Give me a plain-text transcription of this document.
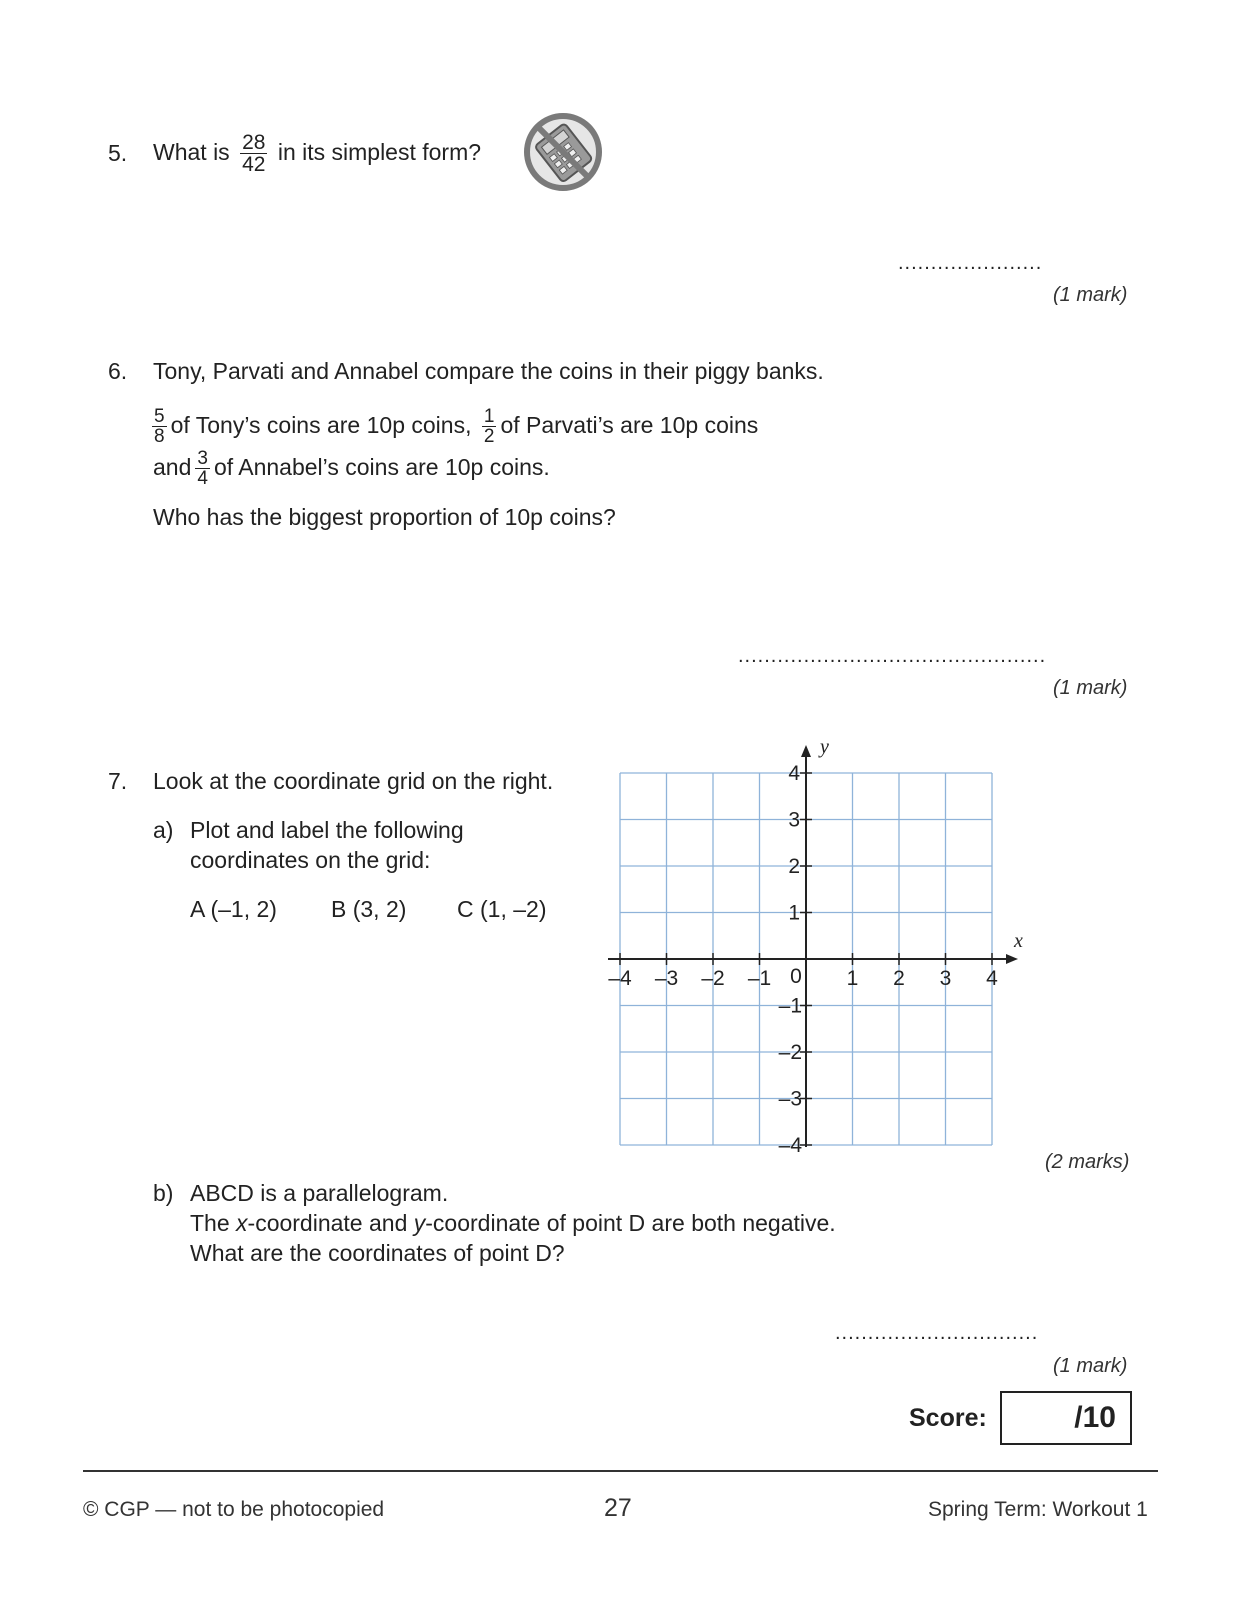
5. What is $\frac{28}{42}$ in its simplest form?
......................
(1 mark)
6. Tony, Parvati and Annabel compare the coins in their piggy banks.
$\frac{5}{8}$ of Tony’s coins are 10p coins, $\frac{1}{2}$ of Parvati’s are 10p coins
and $\frac{3}{4}$ of Annabel’s coins are 10p coins.
Who has the biggest proportion of 10p coins?
...............................................
(1 mark)
7. Look at the coordinate grid on the right.
a) Plot and label the following
coordinates on the grid:
A (–1, 2) B (3, 2) C (1, –2)
x
y
–4 –3 –2 –1	1 2 3 4
1
2
3
4
–1
–2
–3
–4
0
(2 marks)
b) ABCD is a parallelogram.
The x-coordinate and y-coordinate of point D are both negative.
What are the coordinates of point D?
...............................
(1 mark)
Score:	/10
© CGP — not to be photocopied	27	Spring Term: Workout 1
